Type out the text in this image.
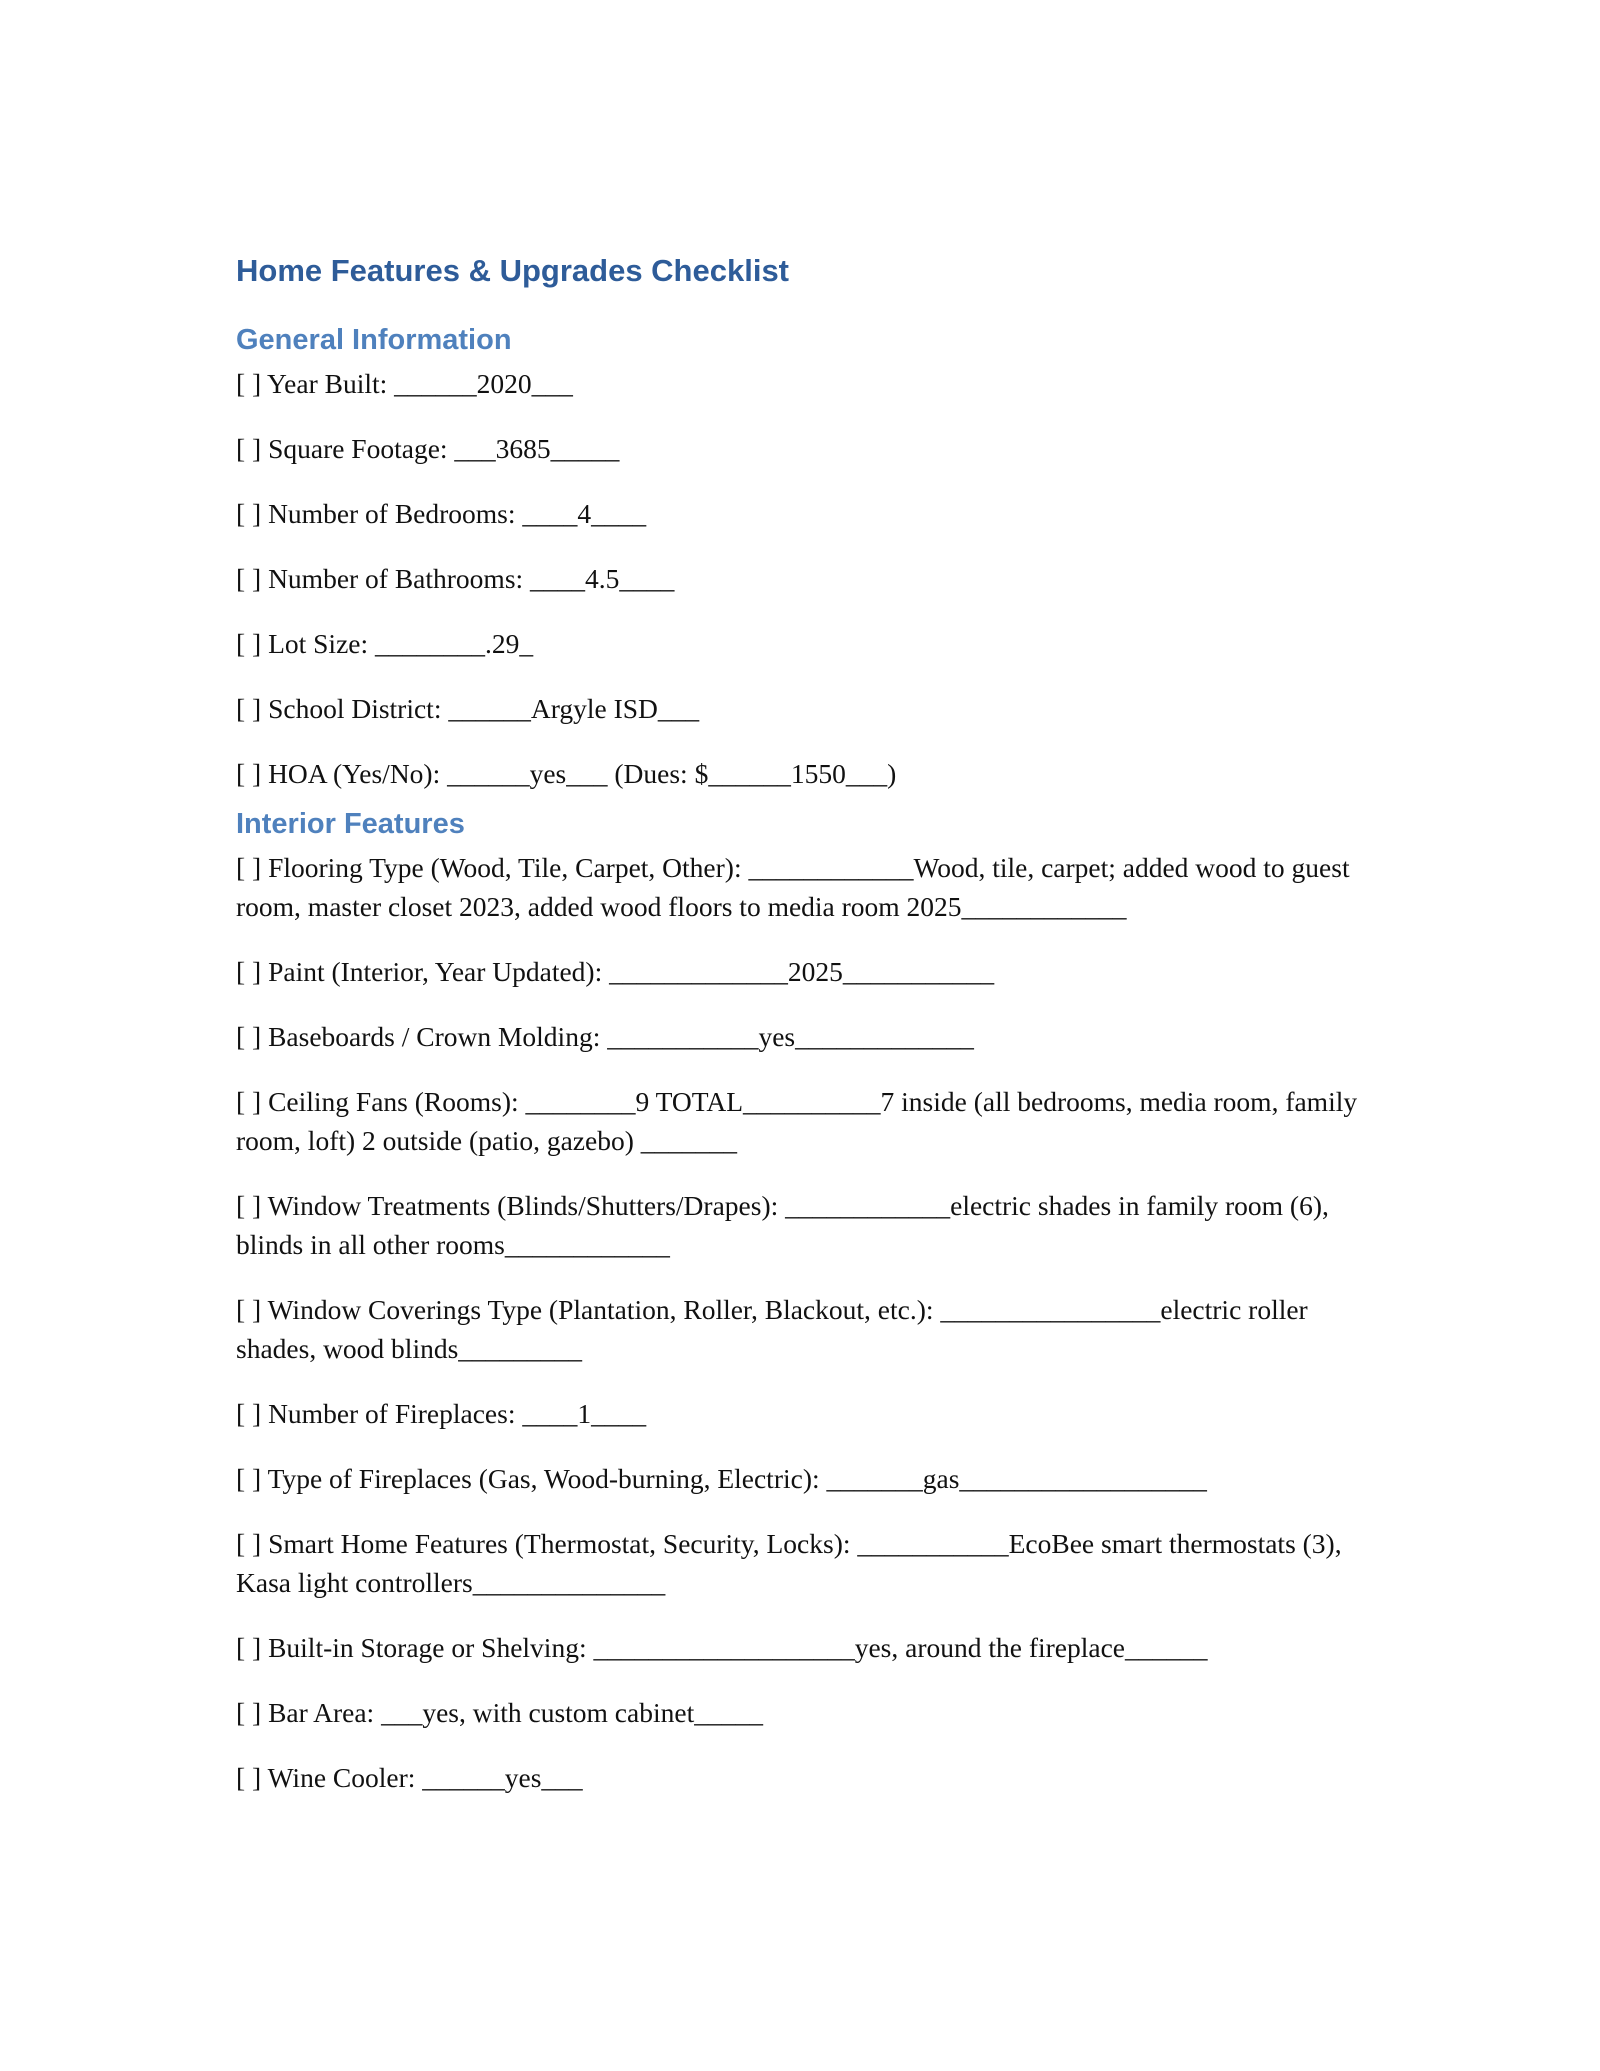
Home Features & Upgrades Checklist
General Information
[ ] Year Built: ______2020___
[ ] Square Footage: ___3685_____
[ ] Number of Bedrooms: ____4____
[ ] Number of Bathrooms: ____4.5____
[ ] Lot Size: ________.29_
[ ] School District: ______Argyle ISD___
[ ] HOA (Yes/No): ______yes___ (Dues: $______1550___)
Interior Features
[ ] Flooring Type (Wood, Tile, Carpet, Other): ____________Wood, tile, carpet; added wood to guest room, master closet 2023, added wood floors to media room 2025____________
[ ] Paint (Interior, Year Updated): _____________2025___________
[ ] Baseboards / Crown Molding: ___________yes_____________
[ ] Ceiling Fans (Rooms): ________9 TOTAL__________7 inside (all bedrooms, media room, family room, loft) 2 outside (patio, gazebo) _______
[ ] Window Treatments (Blinds/Shutters/Drapes): ____________electric shades in family room (6), blinds in all other rooms____________
[ ] Window Coverings Type (Plantation, Roller, Blackout, etc.): ________________electric roller shades, wood blinds_________
[ ] Number of Fireplaces: ____1____
[ ] Type of Fireplaces (Gas, Wood-burning, Electric): _______gas__________________
[ ] Smart Home Features (Thermostat, Security, Locks): ___________EcoBee smart thermostats (3), Kasa light controllers______________
[ ] Built-in Storage or Shelving: ___________________yes, around the fireplace______
[ ] Bar Area: ___yes, with custom cabinet_____
[ ] Wine Cooler: ______yes___
